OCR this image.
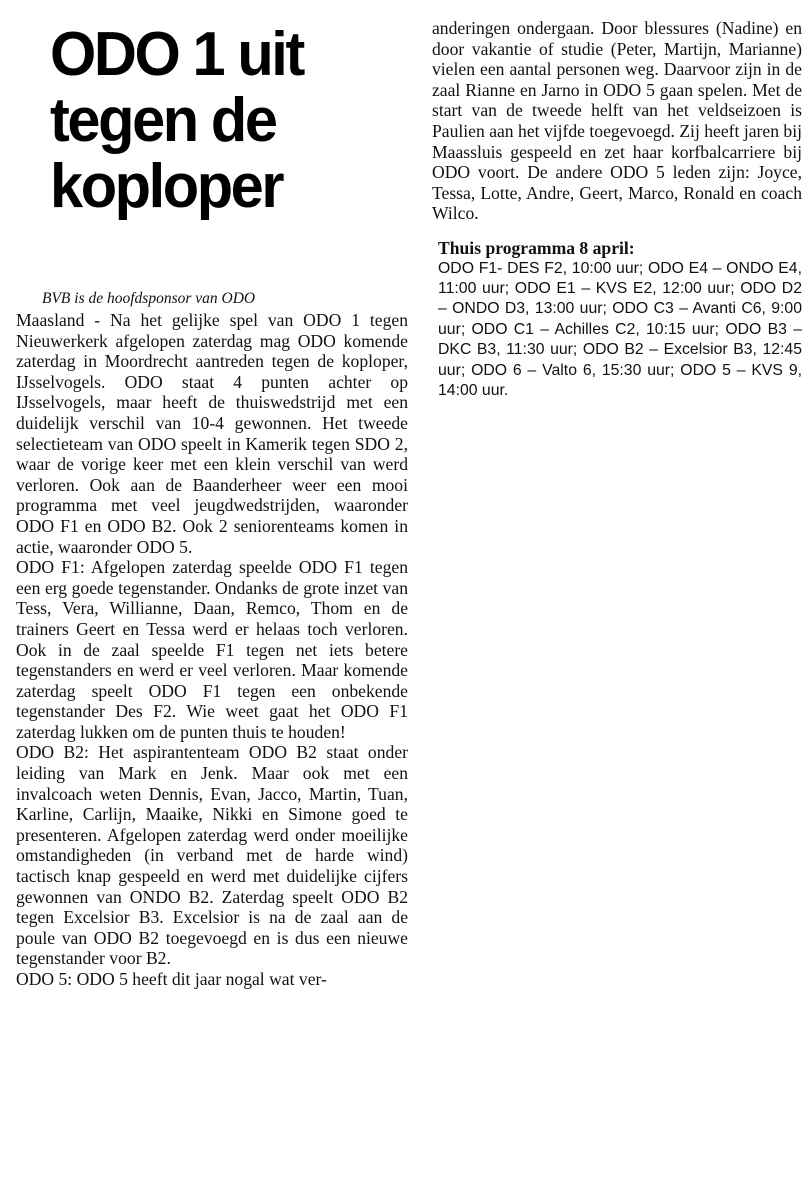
ODO 1 uit
tegen de
koploper
BVB is de hoofdsponsor van ODO

Maasland - Na het gelijke spel van ODO 1 tegen Nieuwerkerk afgelopen zaterdag mag ODO komende zaterdag in Moordrecht aantreden tegen de koploper, IJsselvogels. ODO staat 4 punten achter op IJsselvogels, maar heeft de thuiswedstrijd met een duidelijk verschil van 10-4 gewonnen. Het tweede selectieteam van ODO speelt in Kamerik tegen SDO 2, waar de vorige keer met een klein verschil van werd verloren. Ook aan de Baanderheer weer een mooi programma met veel jeugdwedstrijden, waaronder ODO F1 en ODO B2. Ook 2 seniorenteams komen in actie, waaronder ODO 5.

ODO F1: Afgelopen zaterdag speelde ODO F1 tegen een erg goede tegenstander. Ondanks de grote inzet van Tess, Vera, Willianne, Daan, Remco, Thom en de trainers Geert en Tessa werd er helaas toch verloren. Ook in de zaal speelde F1 tegen net iets betere tegenstanders en werd er veel verloren. Maar komende zaterdag speelt ODO F1 tegen een onbekende tegenstander Des F2. Wie weet gaat het ODO F1 zaterdag lukken om de punten thuis te houden!

ODO B2: Het aspirantenteam ODO B2 staat onder leiding van Mark en Jenk. Maar ook met een invalcoach weten Dennis, Evan, Jacco, Martin, Tuan, Karline, Carlijn, Maaike, Nikki en Simone goed te presenteren. Afgelopen zaterdag werd onder moeilijke omstandigheden (in verband met de harde wind) tactisch knap gespeeld en werd met duidelijke cijfers gewonnen van ONDO B2. Zaterdag speelt ODO B2 tegen Excelsior B3. Excelsior is na de zaal aan de poule van ODO B2 toegevoegd en is dus een nieuwe tegenstander voor B2.

ODO 5: ODO 5 heeft dit jaar nogal wat ver-

anderingen ondergaan. Door blessures (Nadine) en door vakantie of studie (Peter, Martijn, Marianne) vielen een aantal personen weg. Daarvoor zijn in de zaal Rianne en Jarno in ODO 5 gaan spelen. Met de start van de tweede helft van het veldseizoen is Paulien aan het vijfde toegevoegd. Zij heeft jaren bij Maassluis gespeeld en zet haar korfbalcarriere bij ODO voort. De andere ODO 5 leden zijn: Joyce, Tessa, Lotte, Andre, Geert, Marco, Ronald en coach Wilco.

Thuis programma 8 april:

ODO F1- DES F2, 10:00 uur; ODO E4 – ONDO E4, 11:00 uur; ODO E1 – KVS E2, 12:00 uur; ODO D2 – ONDO D3, 13:00 uur; ODO C3 – Avanti C6, 9:00 uur; ODO C1 – Achilles C2, 10:15 uur; ODO B3 – DKC B3, 11:30 uur; ODO B2 – Excelsior B3, 12:45 uur; ODO 6 – Valto 6, 15:30 uur; ODO 5 – KVS 9, 14:00 uur.
